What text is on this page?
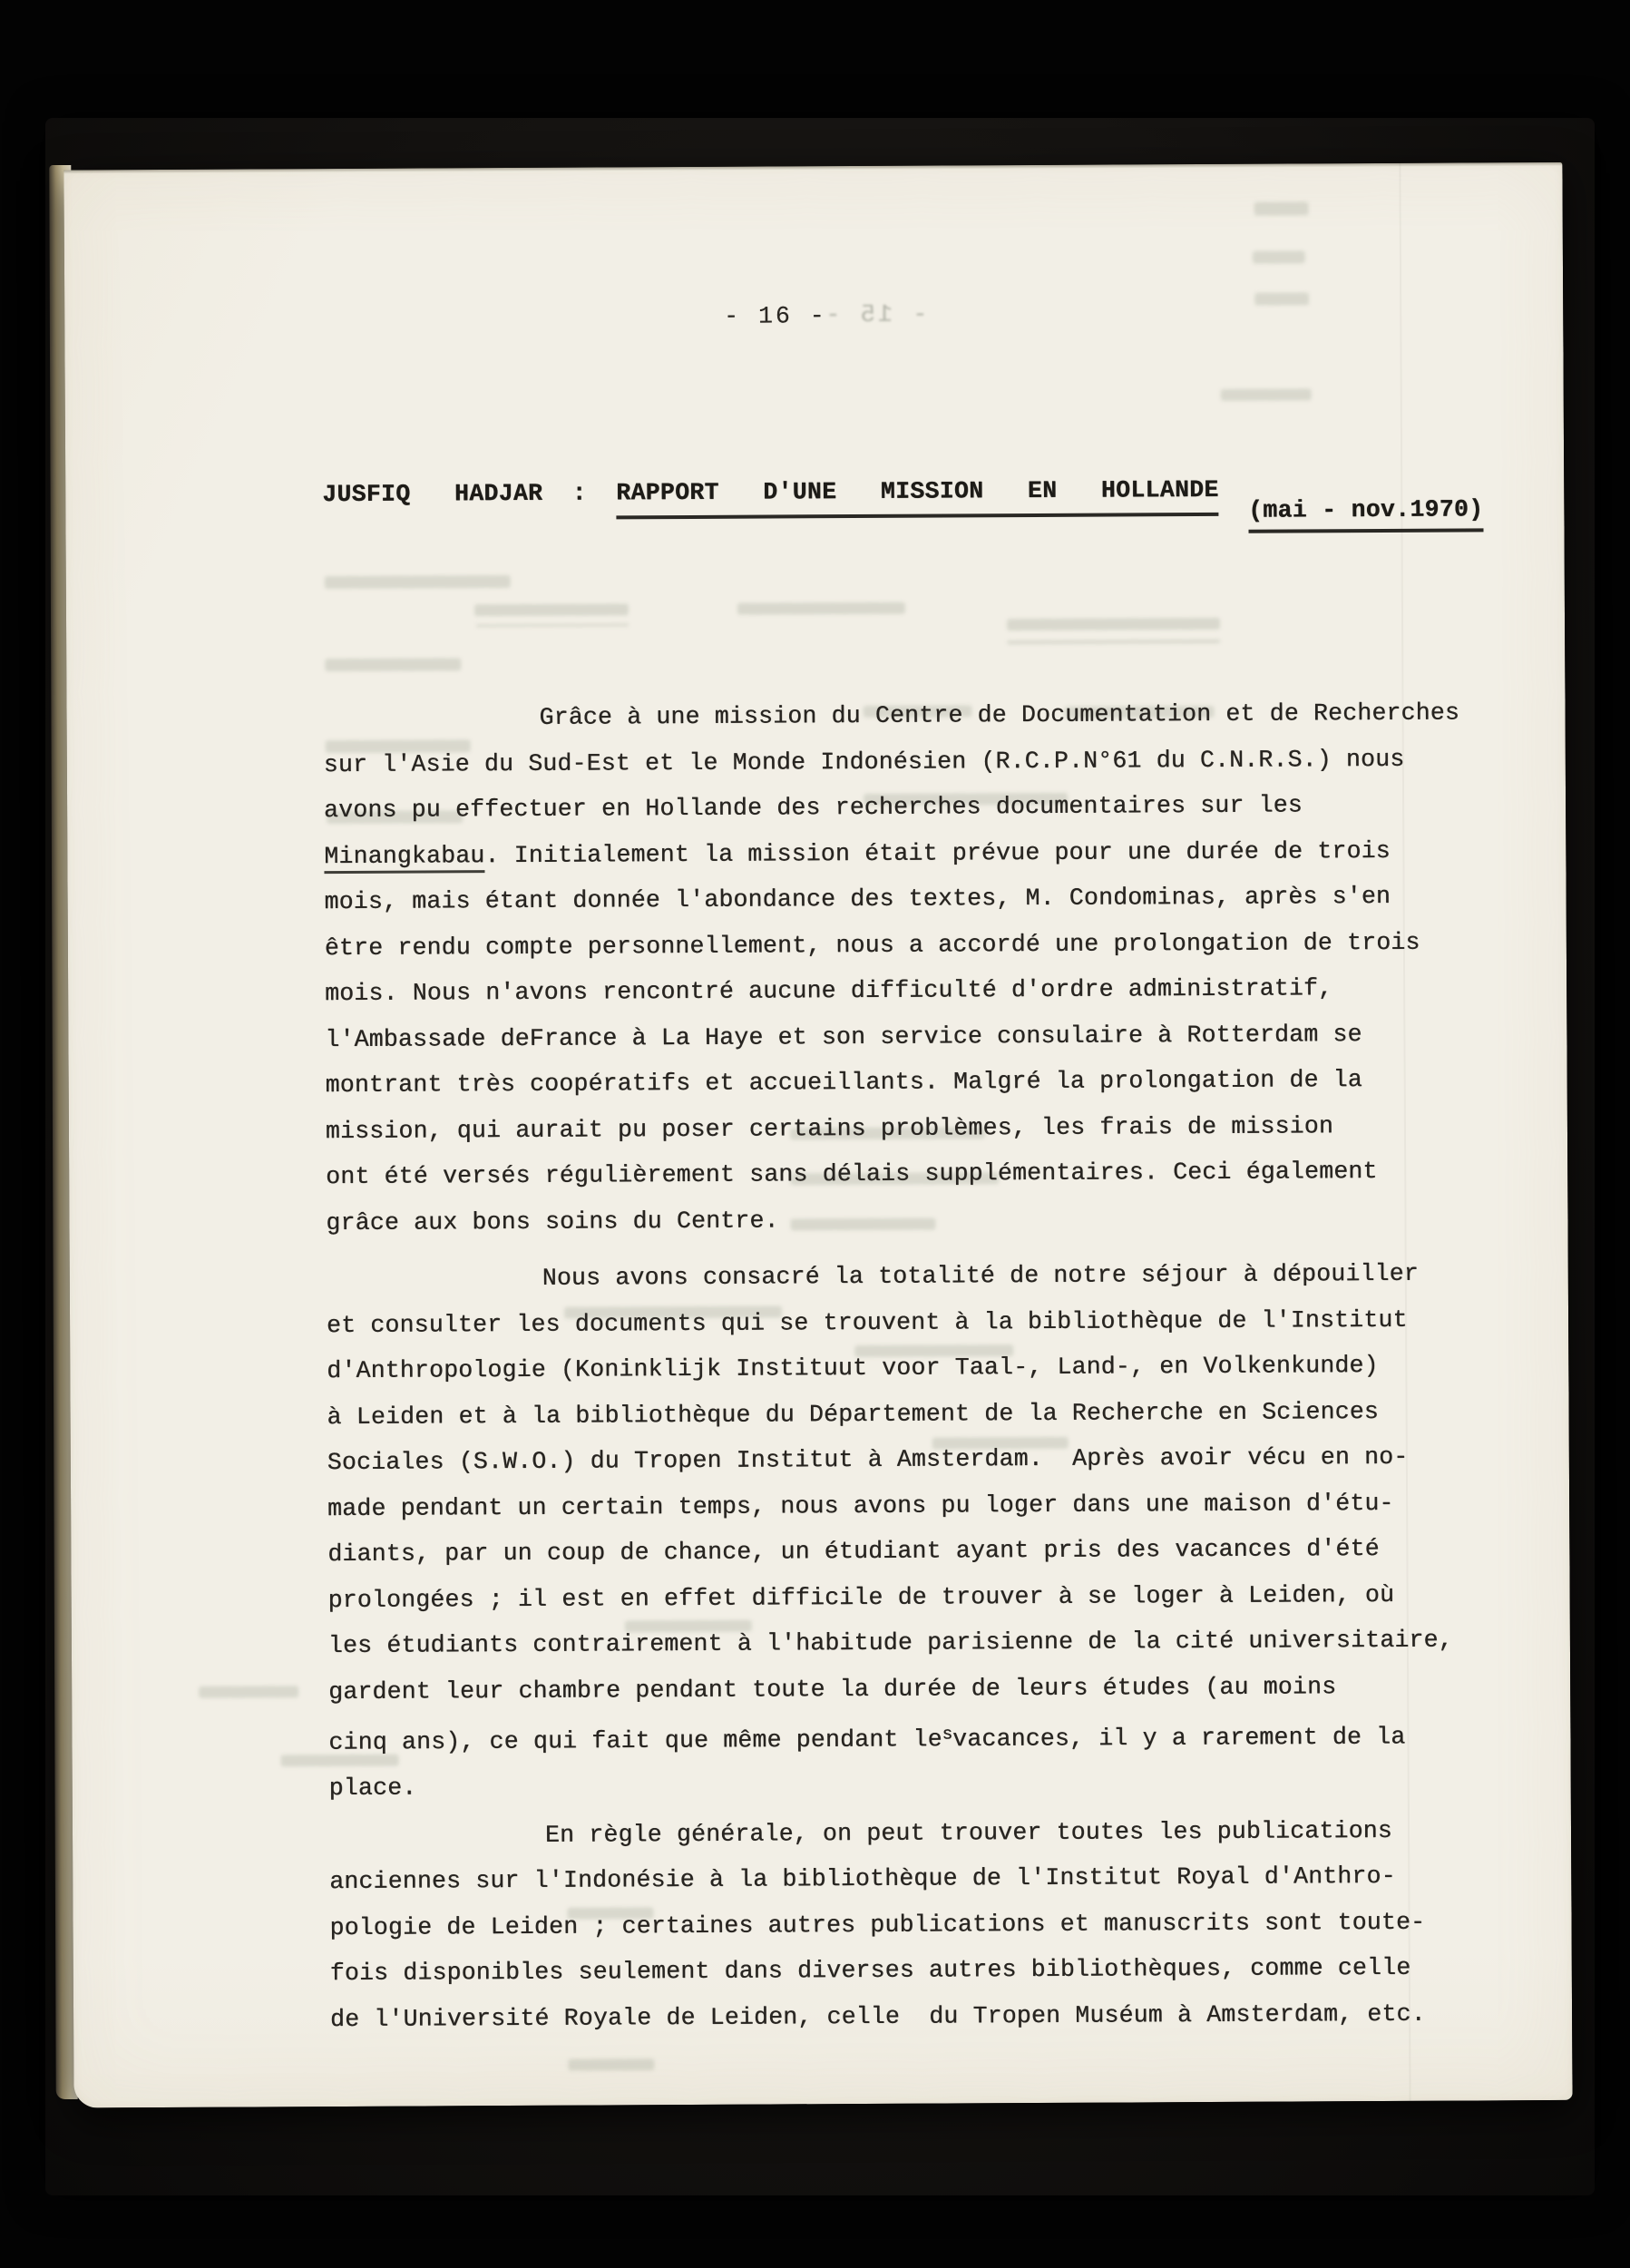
- 15 -
- 16 -
JUSFIQ   HADJAR  :  RAPPORT   D'UNE   MISSION   EN   HOLLANDE  (mai - nov.1970)
Grâce à une mission du Centre de Documentation et de Recherches
sur l'Asie du Sud-Est et le Monde Indonésien (R.C.P.N°61 du C.N.R.S.) nous
avons pu effectuer en Hollande des recherches documentaires sur les
Minangkabau. Initialement la mission était prévue pour une durée de trois
mois, mais étant donnée l'abondance des textes, M. Condominas, après s'en
être rendu compte personnellement, nous a accordé une prolongation de trois
mois. Nous n'avons rencontré aucune difficulté d'ordre administratif,
l'Ambassade deFrance à La Haye et son service consulaire à Rotterdam se
montrant très coopératifs et accueillants. Malgré la prolongation de la
mission, qui aurait pu poser certains problèmes, les frais de mission
ont été versés régulièrement sans délais supplémentaires. Ceci également
grâce aux bons soins du Centre.
Nous avons consacré la totalité de notre séjour à dépouiller
et consulter les documents qui se trouvent à la bibliothèque de l'Institut
d'Anthropologie (Koninklijk Instituut voor Taal-, Land-, en Volkenkunde)
à Leiden et à la bibliothèque du Département de la Recherche en Sciences
Sociales (S.W.O.) du Tropen Institut à Amsterdam.  Après avoir vécu en no-
made pendant un certain temps, nous avons pu loger dans une maison d'étu-
diants, par un coup de chance, un étudiant ayant pris des vacances d'été
prolongées ; il est en effet difficile de trouver à se loger à Leiden, où
les étudiants contrairement à l'habitude parisienne de la cité universitaire,
gardent leur chambre pendant toute la durée de leurs études (au moins
cinq ans), ce qui fait que même pendant $le^svacances$, il y a rarement de la
place.
En règle générale, on peut trouver toutes les publications
anciennes sur l'Indonésie à la bibliothèque de l'Institut Royal d'Anthro-
pologie de Leiden ; certaines autres publications et manuscrits sont toute-
fois disponibles seulement dans diverses autres bibliothèques, comme celle
de l'Université Royale de Leiden, celle  du Tropen Muséum à Amsterdam, etc.
